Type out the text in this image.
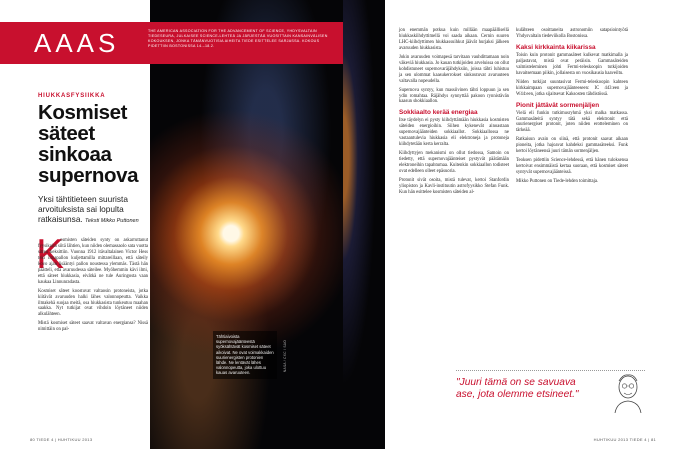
AAAS	THE AMERICAN ASSOCIATION FOR THE ADVANCEMENT OF SCIENCE, YHDYSVALTAIN TIEDESEURA, JULKAISEE SCIENCE-LEHTEÄ JA JÄRJESTÄÄ VUOSITTAIN KANSAINVÄLISEN KOKOUKSEN, JONKA TÄMÄNVUOTISIA AIHEITA TIEDE ESITTELEE SARJASSA. KOKOUS PIDETTIIN BOSTONISSA 14.–18.2.
HIUKKASFYSIIKKA
Kosmiset säteet sinkoaa supernova
Yksi tähtitieteen suurista arvoituksista sai lopulta ratkaisunsa. Teksti Mikko Puttonen
K

osmisten säteiden synty on askarruttanut fyysikoita siitä lähtien, kun niiden olemassaolo sata vuotta sitten keksittiin. Vuonna 1912 itävaltalainen Victor Hess teki ilmapallon kuljettamilla mittareillaan, että säteily kovo ajan lisääntyi pallon noustessa ylemmäs. Tästä hän päätteli, että avaruudessa säteilee. Myöhemmin kävi ilmi, että säteet hiukkasia, eivätkä ne tule Auringosta vaan kaukaa Linnunradasta.

Kosmiset säteet koostuvat valtaosin protoneista, jotka kiitävät avaruuden halki lähes valonnopeutta. Vaikka ilmakehä suojaa meitä, osa hiukkasista tunkeutuu maahan saakka. Nyt tutkijat ovat vihdoin löytäneet niiden alkulähteen.

Mistä kosmiset säteet saavat valtavan energiansa? Nissä nimittäin on pal-

Tähtiaivoista supernovajäänteestä syöksähtävät kosmiset säteet aikoivat. Ne ovat voimakkaiden suurienergisten protonien lähde. Ne lentävät lähes valonnopeutta, joka ulottuu kauas avaruuteen.
NASA / CXC / SAO
80 TIEDE 4 | HUHTIKUU 2013

jon enemmän potkua kuin millään maapäällisellä hiukkaskiihdyttimellä voi saada aikaan. Cernin suuren LHC-kiihdyttimen hiukkassuihkut jäävät hurjaksi jälkeen avaruuden hiukkasista.

Jokin avaruuden voimapesä tarvitaan vauhdittamaan noin väkeviä hiukkasia. Jo kauan tutkijoiden arveluissa on ollut kohdistuneet supernovaräjähdyksiin, joissa tähti luhistuu ja sen ulommat kaasukerrokset sinkoutuvat avaruuteen valtavalla nopeudella.

Supernova syntyy, kun massiivinen tähti loppuun ja sen ydin romahtaa. Räjähdys synnyttää pakoon rynnistävän kaasun shokkiaallon.

Sokkiaalto kerää energiaa

Itse täydelyn ei pysty kiihdyttämään hiukkasia kosmisten säteiden energioihin. Siihen kykenevät ainoastaan supernovajäänteiden sokkiaallot. Sokkiaallossa ne vastaantulevia hiukkasia eli elektroneja ja protoneja kiihdytetään kerta kerralta.

Kiihdyttyjen mekanismi on ollut tiedossa, Samoin on tiedetty, että supernovajäänteiset pystyvät päätämään elektroneihin tapahtumaa. Kuitenkin sokkiaallon todisteet ovat edelleen olleet epäsuoria.

Protonit sivät osoita, mistä tulevat, kertoi Stanfordin yliopiston ja Kavli-instituutin astrofyysikko Stefan Funk. Kun hän esittelee kosmisten säteiden al-

kulähteen osoittaneita astronomiin satapsiointyötä Yhdysvaltain tiedeviikolla Bostonissa.

Kaksi kirkkainta kiikarissa

Toisin kuin protonit gammasäteet kulkevat matkimalla ja paljastavat, mistä ovat peräisin. Gammasäteiden valmisteleminen johti Fermi-teleskoopin tutkijoiden havaitsemaan piikin, jollaisesta on vuosikausia haaveiltu.

Niiden tutkijat suuntasivat Fermi-teleskoopin kahteen kirkkaimpaan supernovajäänteeseen: IC 443:een ja W44:een, jotka sijaitsevat Kaksosten tähdistössä.

Pionit jättävät sormenjäljen

Vielä eli funkin tutkimusryhmä yksi malka matkassa. Gammasäteitä syntyy tätä sekä elektronit että suurienergiset protonit, joten niiden erotteleminen on tärkeää.

Ratkaisun avain on siinä, että protonit saavat aikaan pioneita, jotka hajoavat kahdeksi gammasäteeksi. Funk kertoi löytäneensä juuri tämän sormenjäljen.

Teoksen pidettiin Science-lehdessä, että hänen tuloksensa kertoivat ensimmäistä kertaa suoraan, että kosmiset säteet syntyvät supernovajäänteissä.

Mikko Puttonen on Tiede-lehden toimittaja.

"Juuri tämä on se savuava ase, jota olemme etsineet."
HUHTIKUU 2013 TIEDE 4 | 81
